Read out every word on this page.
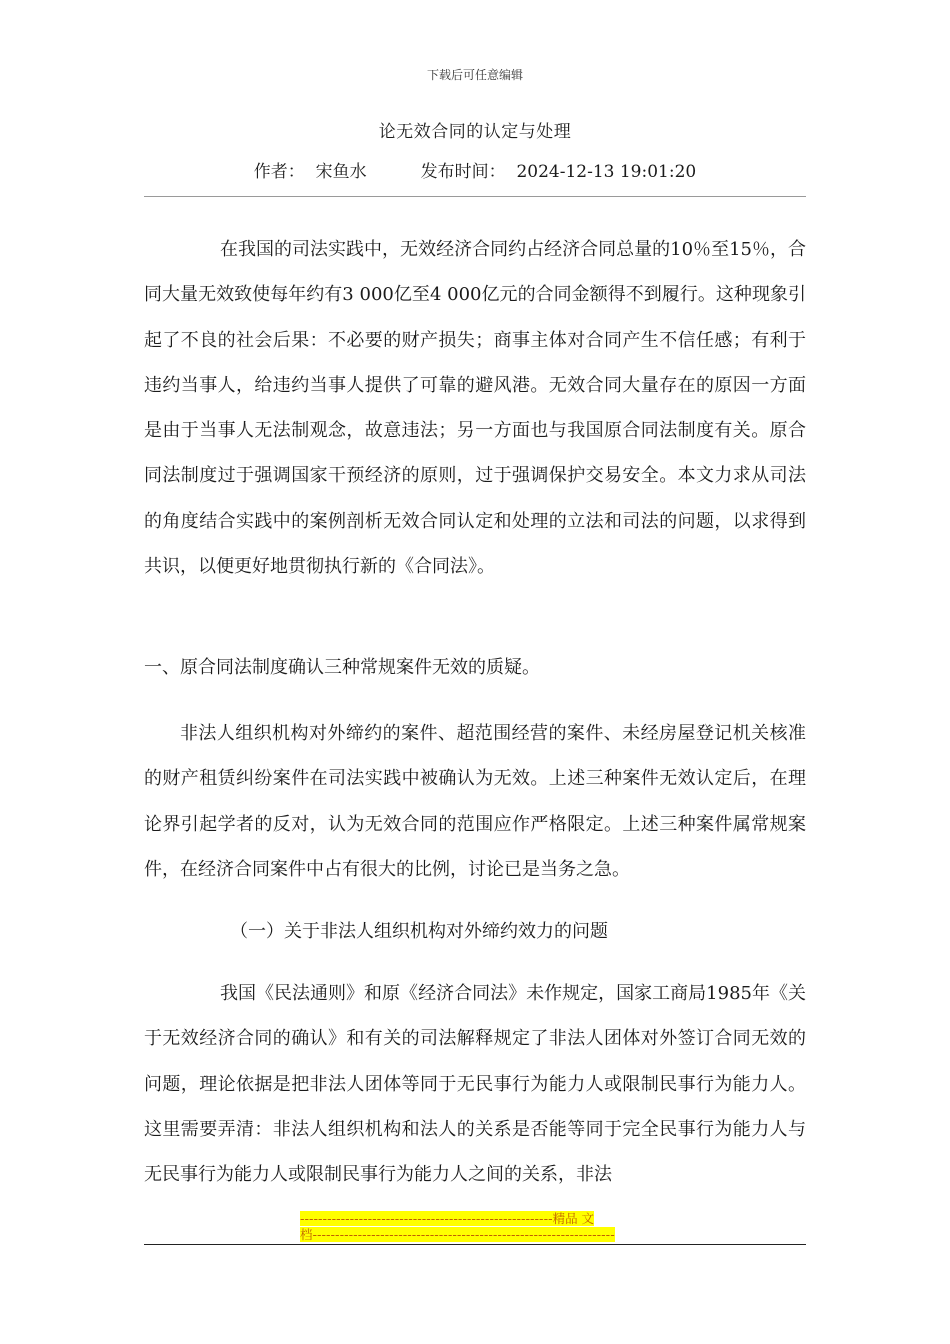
下载后可任意编辑
论无效合同的认定与处理
作者： 宋鱼水	发布时间： 2024-12-13 19:01:20

在我国的司法实践中，无效经济合同约占经济合同总量的10％至15％，合同大量无效致使每年约有3 000亿至4 000亿元的合同金额得不到履行。这种现象引起了不良的社会后果：不必要的财产损失；商事主体对合同产生不信任感；有利于违约当事人，给违约当事人提供了可靠的避风港。无效合同大量存在的原因一方面是由于当事人无法制观念，故意违法；另一方面也与我国原合同法制度有关。原合同法制度过于强调国家干预经济的原则，过于强调保护交易安全。本文力求从司法的角度结合实践中的案例剖析无效合同认定和处理的立法和司法的问题，以求得到共识，以便更好地贯彻执行新的《合同法》。

一、原合同法制度确认三种常规案件无效的质疑。

非法人组织机构对外缔约的案件、超范围经营的案件、未经房屋登记机关核准的财产租赁纠纷案件在司法实践中被确认为无效。上述三种案件无效认定后，在理论界引起学者的反对，认为无效合同的范围应作严格限定。上述三种案件属常规案件，在经济合同案件中占有很大的比例，讨论已是当务之急。

（一）关于非法人组织机构对外缔约效力的问题

我国《民法通则》和原《经济合同法》未作规定，国家工商局1985年《关于无效经济合同的确认》和有关的司法解释规定了非法人团体对外签订合同无效的问题，理论依据是把非法人团体等同于无民事行为能力人或限制民事行为能力人。这里需要弄清：非法人组织机构和法人的关系是否能等同于完全民事行为能力人与无民事行为能力人或限制民事行为能力人之间的关系，非法

--------------------------------------------------------精品 文
档-------------------------------------------------------------------
